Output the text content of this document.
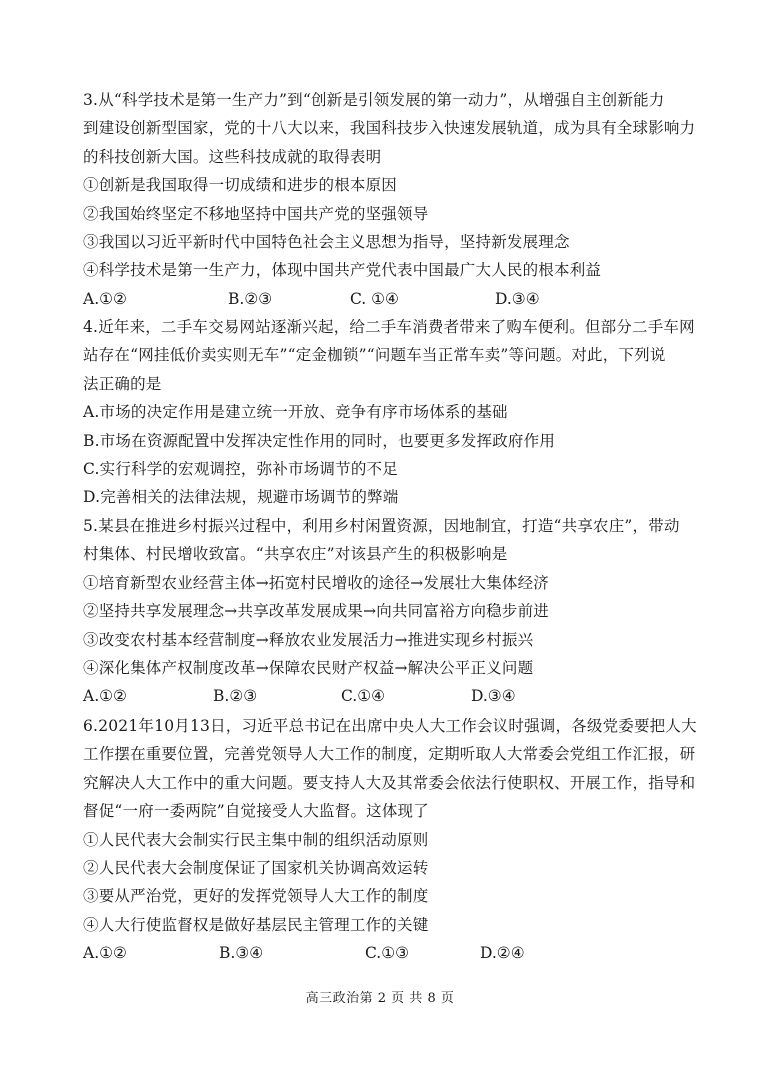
3.从“科学技术是第一生产力”到“创新是引领发展的第一动力”，从增强自主创新能力
到建设创新型国家，党的十八大以来，我国科技步入快速发展轨道，成为具有全球影响力
的科技创新大国。这些科技成就的取得表明
①创新是我国取得一切成绩和进步的根本原因
②我国始终坚定不移地坚持中国共产党的坚强领导
③我国以习近平新时代中国特色社会主义思想为指导，坚持新发展理念
④科学技术是第一生产力，体现中国共产党代表中国最广大人民的根本利益
A.①②	B.②③	C. ①④	D.③④
4.近年来，二手车交易网站逐渐兴起，给二手车消费者带来了购车便利。但部分二手车网
站存在“网挂低价卖实则无车”“定金枷锁”“问题车当正常车卖”等问题。对此，下列说
法正确的是
A.市场的决定作用是建立统一开放、竞争有序市场体系的基础
B.市场在资源配置中发挥决定性作用的同时，也要更多发挥政府作用
C.实行科学的宏观调控，弥补市场调节的不足
D.完善相关的法律法规，规避市场调节的弊端
5.某县在推进乡村振兴过程中，利用乡村闲置资源，因地制宜，打造“共享农庄”，带动
村集体、村民增收致富。“共享农庄”对该县产生的积极影响是
①培育新型农业经营主体→拓宽村民增收的途径→发展壮大集体经济
②坚持共享发展理念→共享改革发展成果→向共同富裕方向稳步前进
③改变农村基本经营制度→释放农业发展活力→推进实现乡村振兴
④深化集体产权制度改革→保障农民财产权益→解决公平正义问题
A.①②	B.②③	C.①④	D.③④
6.2021年10月13日，习近平总书记在出席中央人大工作会议时强调，各级党委要把人大
工作摆在重要位置，完善党领导人大工作的制度，定期听取人大常委会党组工作汇报，研
究解决人大工作中的重大问题。要支持人大及其常委会依法行使职权、开展工作，指导和
督促“一府一委两院”自觉接受人大监督。这体现了
①人民代表大会制实行民主集中制的组织活动原则
②人民代表大会制度保证了国家机关协调高效运转
③要从严治党，更好的发挥党领导人大工作的制度
④人大行使监督权是做好基层民主管理工作的关键
A.①②	B.③④	C.①③	D.②④
高三政治第 2 页 共 8 页
